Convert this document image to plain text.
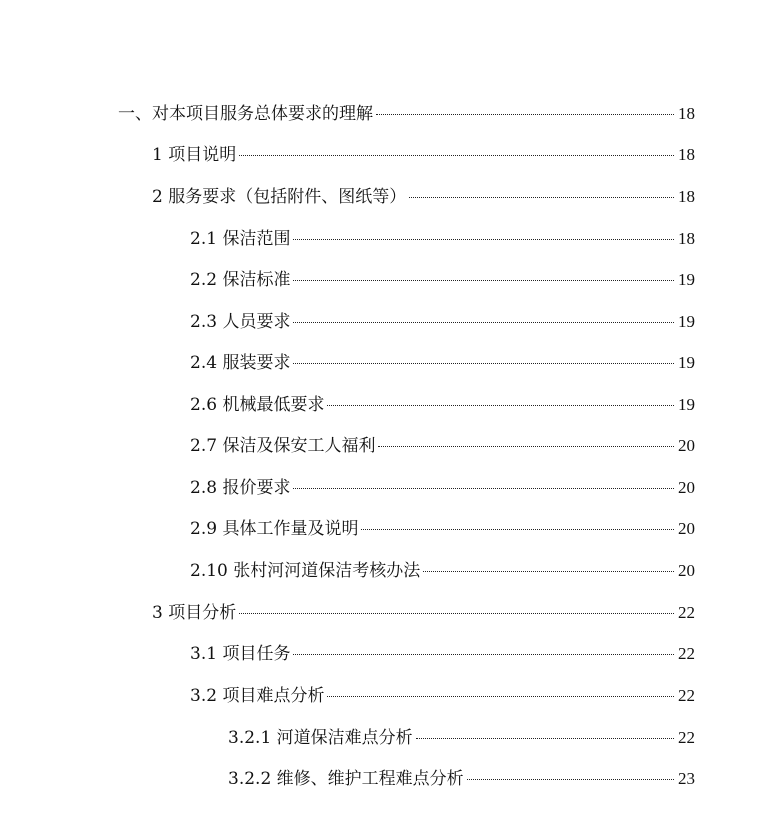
一、对本项目服务总体要求的理解	18
1 项目说明	18
2 服务要求（包括附件、图纸等）	18
2.1 保洁范围	18
2.2 保洁标准	19
2.3 人员要求	19
2.4 服装要求	19
2.6 机械最低要求	19
2.7 保洁及保安工人福利	20
2.8 报价要求	20
2.9 具体工作量及说明	20
2.10 张村河河道保洁考核办法	20
3 项目分析	22
3.1 项目任务	22
3.2 项目难点分析	22
3.2.1 河道保洁难点分析	22
3.2.2 维修、维护工程难点分析	23
